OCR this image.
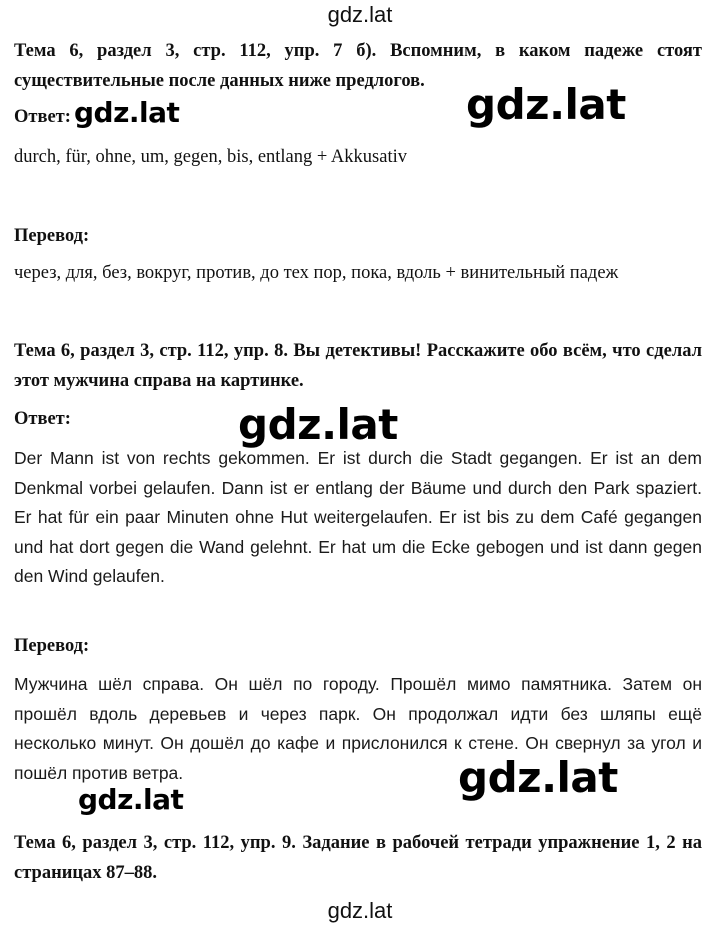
gdz.lat
Тема 6, раздел 3, стр. 112, упр. 7 б). Вспомним, в каком падеже стоят существительные после данных ниже предлогов.
Ответ: gdz.lat	gdz.lat
durch, für, ohne, um, gegen, bis, entlang + Akkusativ
Перевод:
через, для, без, вокруг, против, до тех пор, пока, вдоль + винительный падеж
Тема 6, раздел 3, стр. 112, упр. 8. Вы детективы! Расскажите обо всём, что сделал этот мужчина справа на картинке.
Ответ:
Der Mann ist von rechts gekommen. Er ist durch die Stadt gegangen. Er ist an dem Denkmal vorbei gelaufen. Dann ist er entlang der Bäume und durch den Park spaziert. Er hat für ein paar Minuten ohne Hut weitergelaufen. Er ist bis zu dem Café gegangen und hat dort gegen die Wand gelehnt. Er hat um die Ecke gebogen und ist dann gegen den Wind gelaufen.
gdz.lat
Перевод:
Мужчина шёл справа. Он шёл по городу. Прошёл мимо памятника. Затем он прошёл вдоль деревьев и через парк. Он продолжал идти без шляпы ещё несколько минут. Он дошёл до кафе и прислонился к стене. Он свернул за угол и пошёл против ветра.
gdz.lat	gdz.lat
Тема 6, раздел 3, стр. 112, упр. 9. Задание в рабочей тетради упражнение 1, 2 на страницах 87–88.
gdz.lat
